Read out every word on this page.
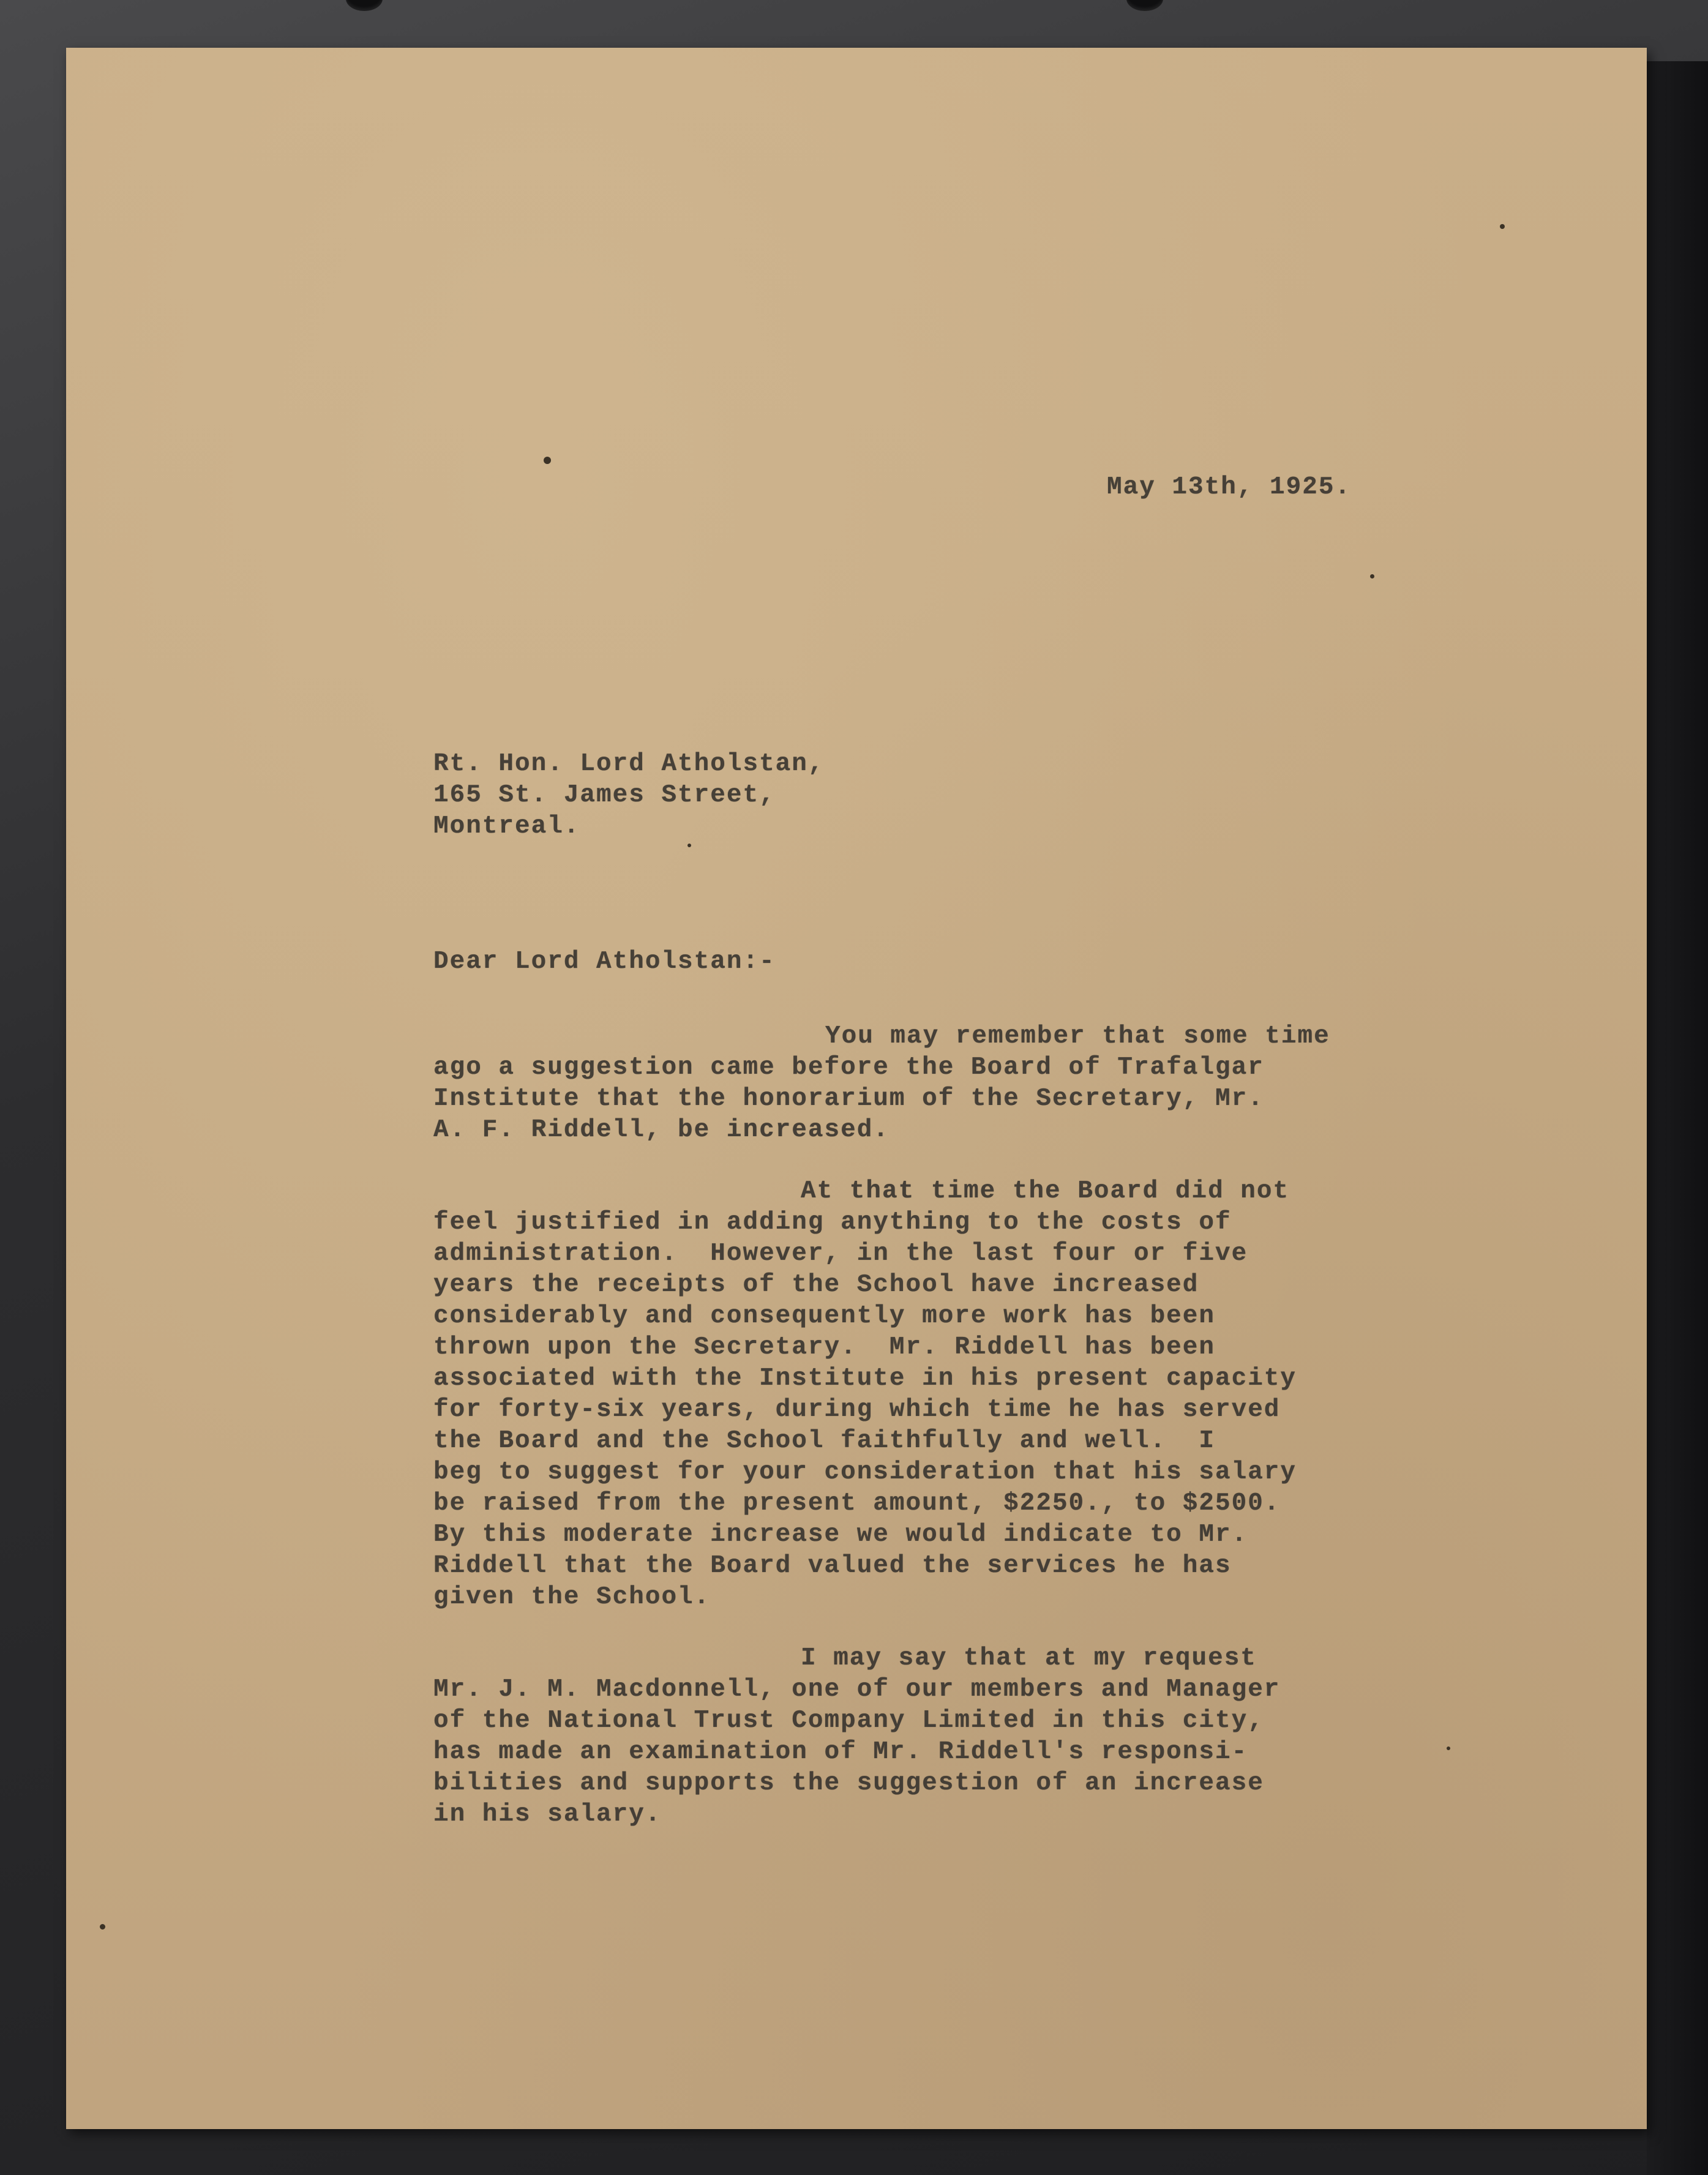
May 13th, 1925.
Rt. Hon. Lord Atholstan,
165 St. James Street,
Montreal.
Dear Lord Atholstan:-
You may remember that some time
ago a suggestion came before the Board of Trafalgar
Institute that the honorarium of the Secretary, Mr.
A. F. Riddell, be increased.
At that time the Board did not
feel justified in adding anything to the costs of
administration.  However, in the last four or five
years the receipts of the School have increased
considerably and consequently more work has been
thrown upon the Secretary.  Mr. Riddell has been
associated with the Institute in his present capacity
for forty-six years, during which time he has served
the Board and the School faithfully and well.  I
beg to suggest for your consideration that his salary
be raised from the present amount, $2250., to $2500.
By this moderate increase we would indicate to Mr.
Riddell that the Board valued the services he has
given the School.
I may say that at my request
Mr. J. M. Macdonnell, one of our members and Manager
of the National Trust Company Limited in this city,
has made an examination of Mr. Riddell's responsi-
bilities and supports the suggestion of an increase
in his salary.
